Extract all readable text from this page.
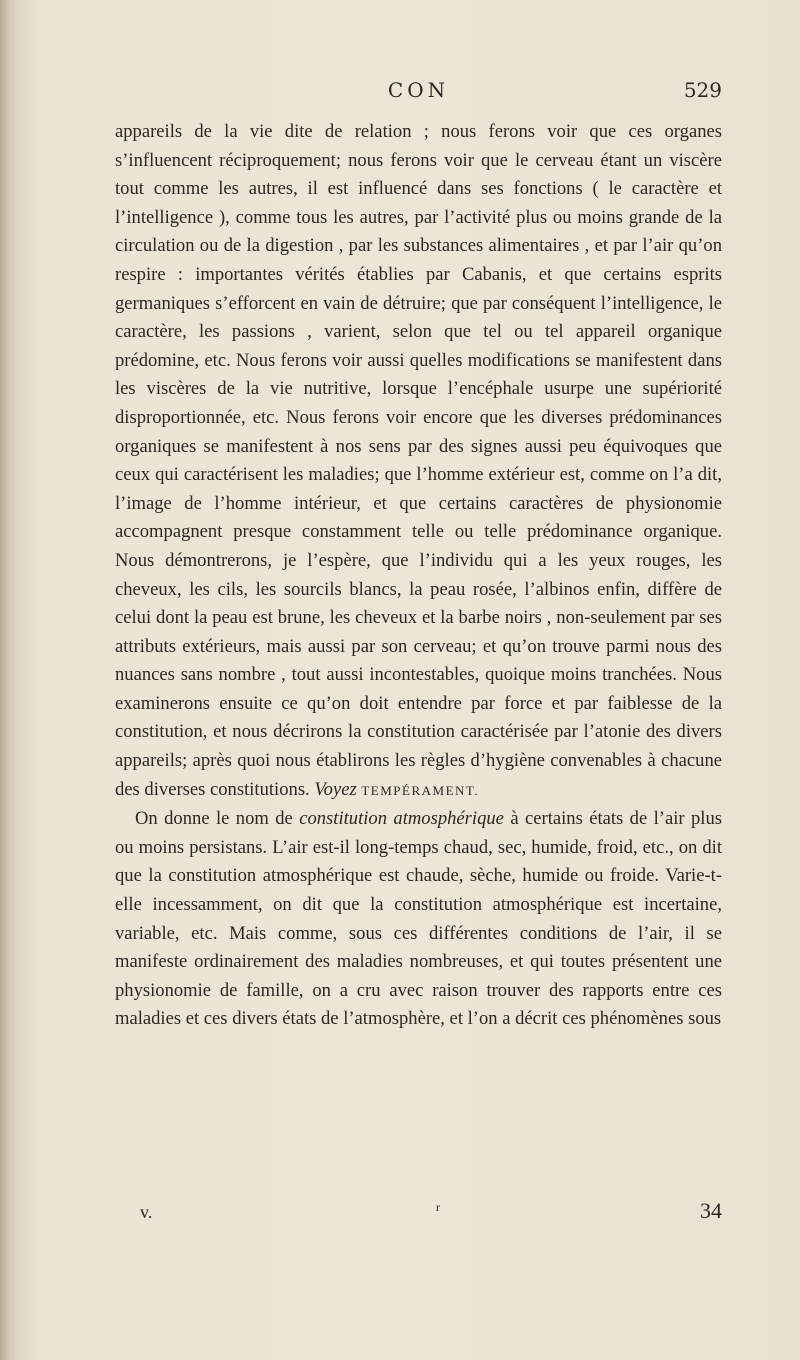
CON	529

appareils de la vie dite de relation ; nous ferons voir que ces organes s’influencent réciproquement; nous ferons voir que le cerveau étant un viscère tout comme les autres, il est influencé dans ses fonctions ( le caractère et l’intelligence ), comme tous les autres, par l’activité plus ou moins grande de la circulation ou de la digestion , par les substances alimentaires , et par l’air qu’on respire : importantes vérités établies par Cabanis, et que certains esprits germaniques s’efforcent en vain de détruire; que par conséquent l’intelligence, le caractère, les passions , varient, selon que tel ou tel appareil organique prédomine, etc. Nous ferons voir aussi quelles modifications se manifestent dans les viscères de la vie nutritive, lorsque l’encéphale usurpe une supériorité disproportionnée, etc. Nous ferons voir encore que les diverses prédominances organiques se manifestent à nos sens par des signes aussi peu équivoques que ceux qui caractérisent les maladies; que l’homme extérieur est, comme on l’a dit, l’image de l’homme intérieur, et que certains caractères de physionomie accompagnent presque constamment telle ou telle prédominance organique. Nous démontrerons, je l’espère, que l’individu qui a les yeux rouges, les cheveux, les cils, les sourcils blancs, la peau rosée, l’albinos enfin, diffère de celui dont la peau est brune, les cheveux et la barbe noirs , non-seulement par ses attributs extérieurs, mais aussi par son cerveau; et qu’on trouve parmi nous des nuances sans nombre , tout aussi incontestables, quoique moins tranchées. Nous examinerons ensuite ce qu’on doit entendre par force et par faiblesse de la constitution, et nous décrirons la constitution caractérisée par l’atonie des divers appareils; après quoi nous établirons les règles d’hygiène convenables à chacune des diverses constitutions. Voyez TEMPÉRAMENT.

On donne le nom de constitution atmosphérique à certains états de l’air plus ou moins persistans. L’air est-il long-temps chaud, sec, humide, froid, etc., on dit que la constitution atmosphérique est chaude, sèche, humide ou froide. Varie-t-elle incessamment, on dit que la constitution atmosphérique est incertaine, variable, etc. Mais comme, sous ces différentes conditions de l’air, il se manifeste ordinairement des maladies nombreuses, et qui toutes présentent une physionomie de famille, on a cru avec raison trouver des rapports entre ces maladies et ces divers états de l’atmosphère, et l’on a décrit ces phénomènes sous

v.	r	34
